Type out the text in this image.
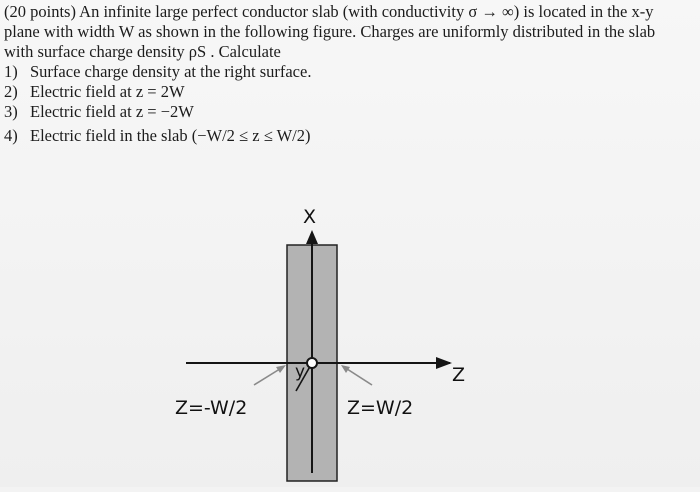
(20 points) An infinite large perfect conductor slab (with conductivity σ → ∞) is located in the x-y
plane with width W as shown in the following figure. Charges are uniformly distributed in the slab
with surface charge density ρS . Calculate
1) Surface charge density at the right surface.
2) Electric field at z = 2W
3) Electric field at z = −2W
4) Electric field in the slab (−W/2 ≤ z ≤ W/2)
X
Z
y
Z=-W/2	Z=W/2
